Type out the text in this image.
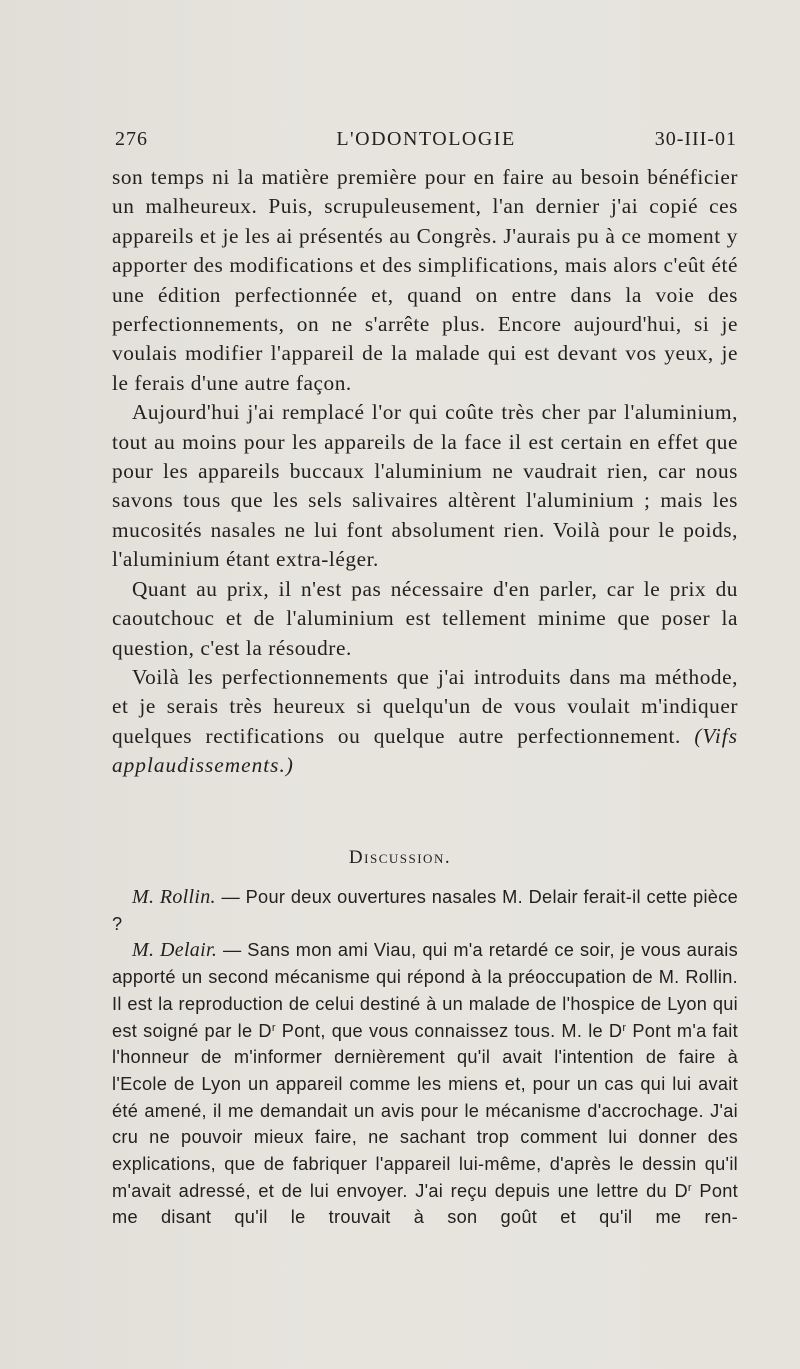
276	L'ODONTOLOGIE	30-III-01

son temps ni la matière première pour en faire au besoin bénéficier un malheureux. Puis, scrupuleusement, l'an dernier j'ai copié ces appareils et je les ai présentés au Congrès. J'aurais pu à ce moment y apporter des modifications et des simplifications, mais alors c'eût été une édition perfectionnée et, quand on entre dans la voie des perfectionnements, on ne s'arrête plus. Encore aujourd'hui, si je voulais modifier l'appareil de la malade qui est devant vos yeux, je le ferais d'une autre façon.

Aujourd'hui j'ai remplacé l'or qui coûte très cher par l'aluminium, tout au moins pour les appareils de la face il est certain en effet que pour les appareils buccaux l'aluminium ne vaudrait rien, car nous savons tous que les sels salivaires altèrent l'aluminium ; mais les mucosités nasales ne lui font absolument rien. Voilà pour le poids, l'aluminium étant extra-léger.

Quant au prix, il n'est pas nécessaire d'en parler, car le prix du caoutchouc et de l'aluminium est tellement minime que poser la question, c'est la résoudre.

Voilà les perfectionnements que j'ai introduits dans ma méthode, et je serais très heureux si quelqu'un de vous voulait m'indiquer quelques rectifications ou quelque autre perfectionnement. (Vifs applaudissements.)

Discussion.

M. Rollin. — Pour deux ouvertures nasales M. Delair ferait-il cette pièce ?

M. Delair. — Sans mon ami Viau, qui m'a retardé ce soir, je vous aurais apporté un second mécanisme qui répond à la préoccupation de M. Rollin. Il est la reproduction de celui destiné à un malade de l'hospice de Lyon qui est soigné par le $D^r$ Pont, que vous connaissez tous. M. le $D^r$ Pont m'a fait l'honneur de m'informer dernièrement qu'il avait l'intention de faire à l'Ecole de Lyon un appareil comme les miens et, pour un cas qui lui avait été amené, il me demandait un avis pour le mécanisme d'accrochage. J'ai cru ne pouvoir mieux faire, ne sachant trop comment lui donner des explications, que de fabriquer l'appareil lui-même, d'après le dessin qu'il m'avait adressé, et de lui envoyer. J'ai reçu depuis une lettre du $D^r$ Pont me disant qu'il le trouvait à son goût et qu'il me ren-
